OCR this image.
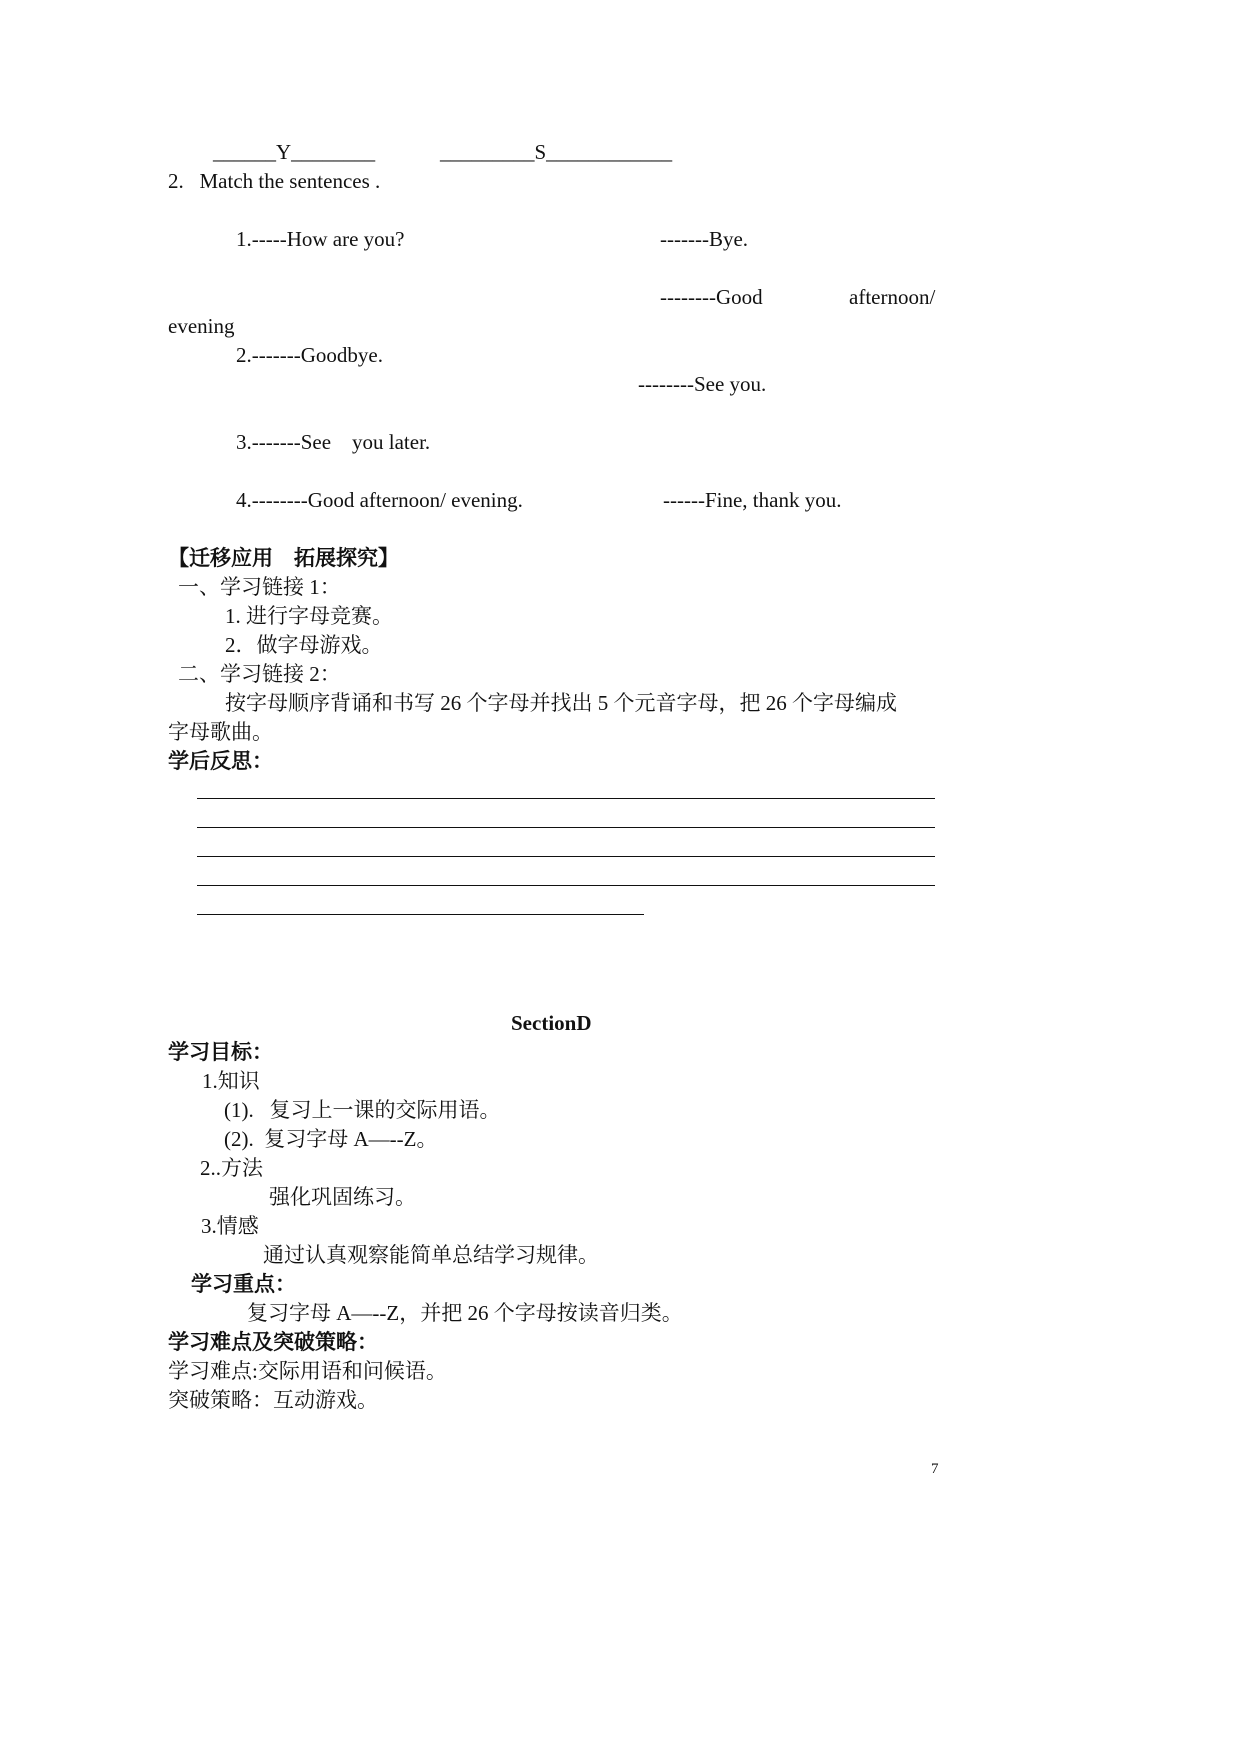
______Y________	_________S____________
2.   Match the sentences .
1.-----How are you?	-------Bye.
--------Good	afternoon/
evening
2.-------Goodbye.
--------See you.
3.-------See    you later.
4.--------Good afternoon/ evening.	------Fine, thank you.
【迁移应用    拓展探究】
一、学习链接 1：
1. 进行字母竞赛。
2．做字母游戏。
二、学习链接 2：
按字母顺序背诵和书写 26 个字母并找出 5 个元音字母，把 26 个字母编成
字母歌曲。
学后反思：
SectionD
学习目标：
1.知识
(1).   复习上一课的交际用语。
(2).  复习字母 A—--Z。
2..方法
强化巩固练习。
3.情感
通过认真观察能简单总结学习规律。
学习重点：
复习字母 A—--Z，并把 26 个字母按读音归类。
学习难点及突破策略：
学习难点:交际用语和问候语。
突破策略：互动游戏。
7
